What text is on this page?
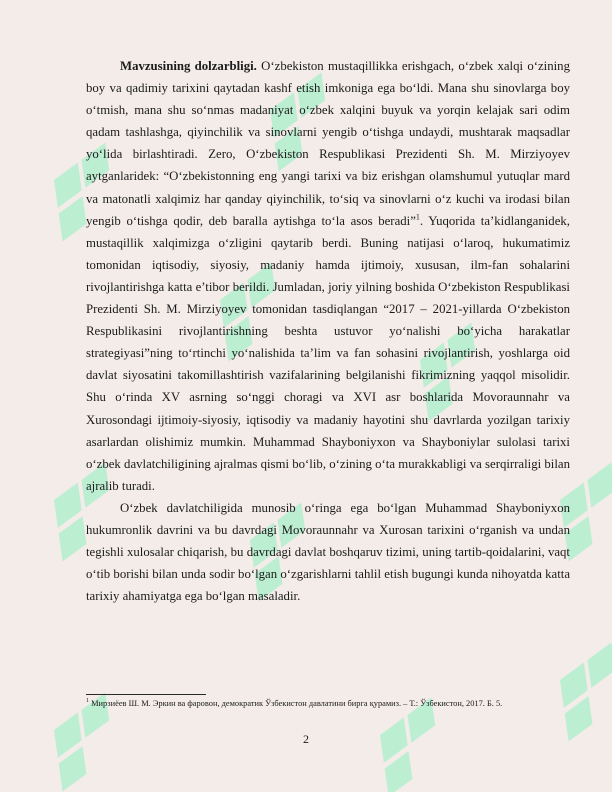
Mavzusining dolzarbligi. O‘zbekiston mustaqillikka erishgach, o‘zbek xalqi o‘zining boy va qadimiy tarixini qaytadan kashf etish imkoniga ega bo‘ldi. Mana shu sinovlarga boy o‘tmish, mana shu so‘nmas madaniyat o‘zbek xalqini buyuk va yorqin kelajak sari odim qadam tashlashga, qiyinchilik va sinovlarni yengib o‘tishga undaydi, mushtarak maqsadlar yo‘lida birlashtiradi. Zero, O‘zbekiston Respublikasi Prezidenti Sh. M. Mirziyoyev aytganlaridek: “O‘zbekistonning eng yangi tarixi va biz erishgan olamshumul yutuqlar mard va matonatli xalqimiz har qanday qiyinchilik, to‘siq va sinovlarni o‘z kuchi va irodasi bilan yengib o‘tishga qodir, deb baralla aytishga to‘la asos beradi”$^1$. Yuqorida ta’kidlanganidek, mustaqillik xalqimizga o‘zligini qaytarib berdi. Buning natijasi o‘laroq, hukumatimiz tomonidan iqtisodiy, siyosiy, madaniy hamda ijtimoiy, xususan, ilm-fan sohalarini rivojlantirishga katta e’tibor berildi. Jumladan, joriy yilning boshida O‘zbekiston Respublikasi Prezidenti Sh. M. Mirziyoyev tomonidan tasdiqlangan “2017 – 2021-yillarda O‘zbekiston Respublikasini rivojlantirishning beshta ustuvor yo‘nalishi bo‘yicha harakatlar strategiyasi”ning to‘rtinchi yo‘nalishida ta’lim va fan sohasini rivojlantirish, yoshlarga oid davlat siyosatini takomillashtirish vazifalarining belgilanishi fikrimizning yaqqol misolidir. Shu o‘rinda XV asrning so‘nggi choragi va XVI asr boshlarida Movoraunnahr va Xurosondagi ijtimoiy-siyosiy, iqtisodiy va madaniy hayotini shu davrlarda yozilgan tarixiy asarlardan olishimiz mumkin. Muhammad Shayboniyxon va Shayboniylar sulolasi tarixi o‘zbek davlatchiligining ajralmas qismi bo‘lib, o‘zining o‘ta murakkabligi va serqirraligi bilan ajralib turadi.

O‘zbek davlatchiligida munosib o‘ringa ega bo‘lgan Muhammad Shayboniyxon hukumronlik davrini va bu davrdagi Movoraunnahr va Xurosan tarixini o‘rganish va undan tegishli xulosalar chiqarish, bu davrdagi davlat boshqaruv tizimi, uning tartib-qoidalarini, vaqt o‘tib borishi bilan unda sodir bo‘lgan o‘zgarishlarni tahlil etish bugungi kunda nihoyatda katta tarixiy ahamiyatga ega bo‘lgan masaladir.

$^1$ Мирзиёев Ш. М. Эркин ва фаровон, демократик Ўзбекистон давлатини бирга қурамиз. – Т.: Ўзбекистон, 2017. Б. 5.
2
